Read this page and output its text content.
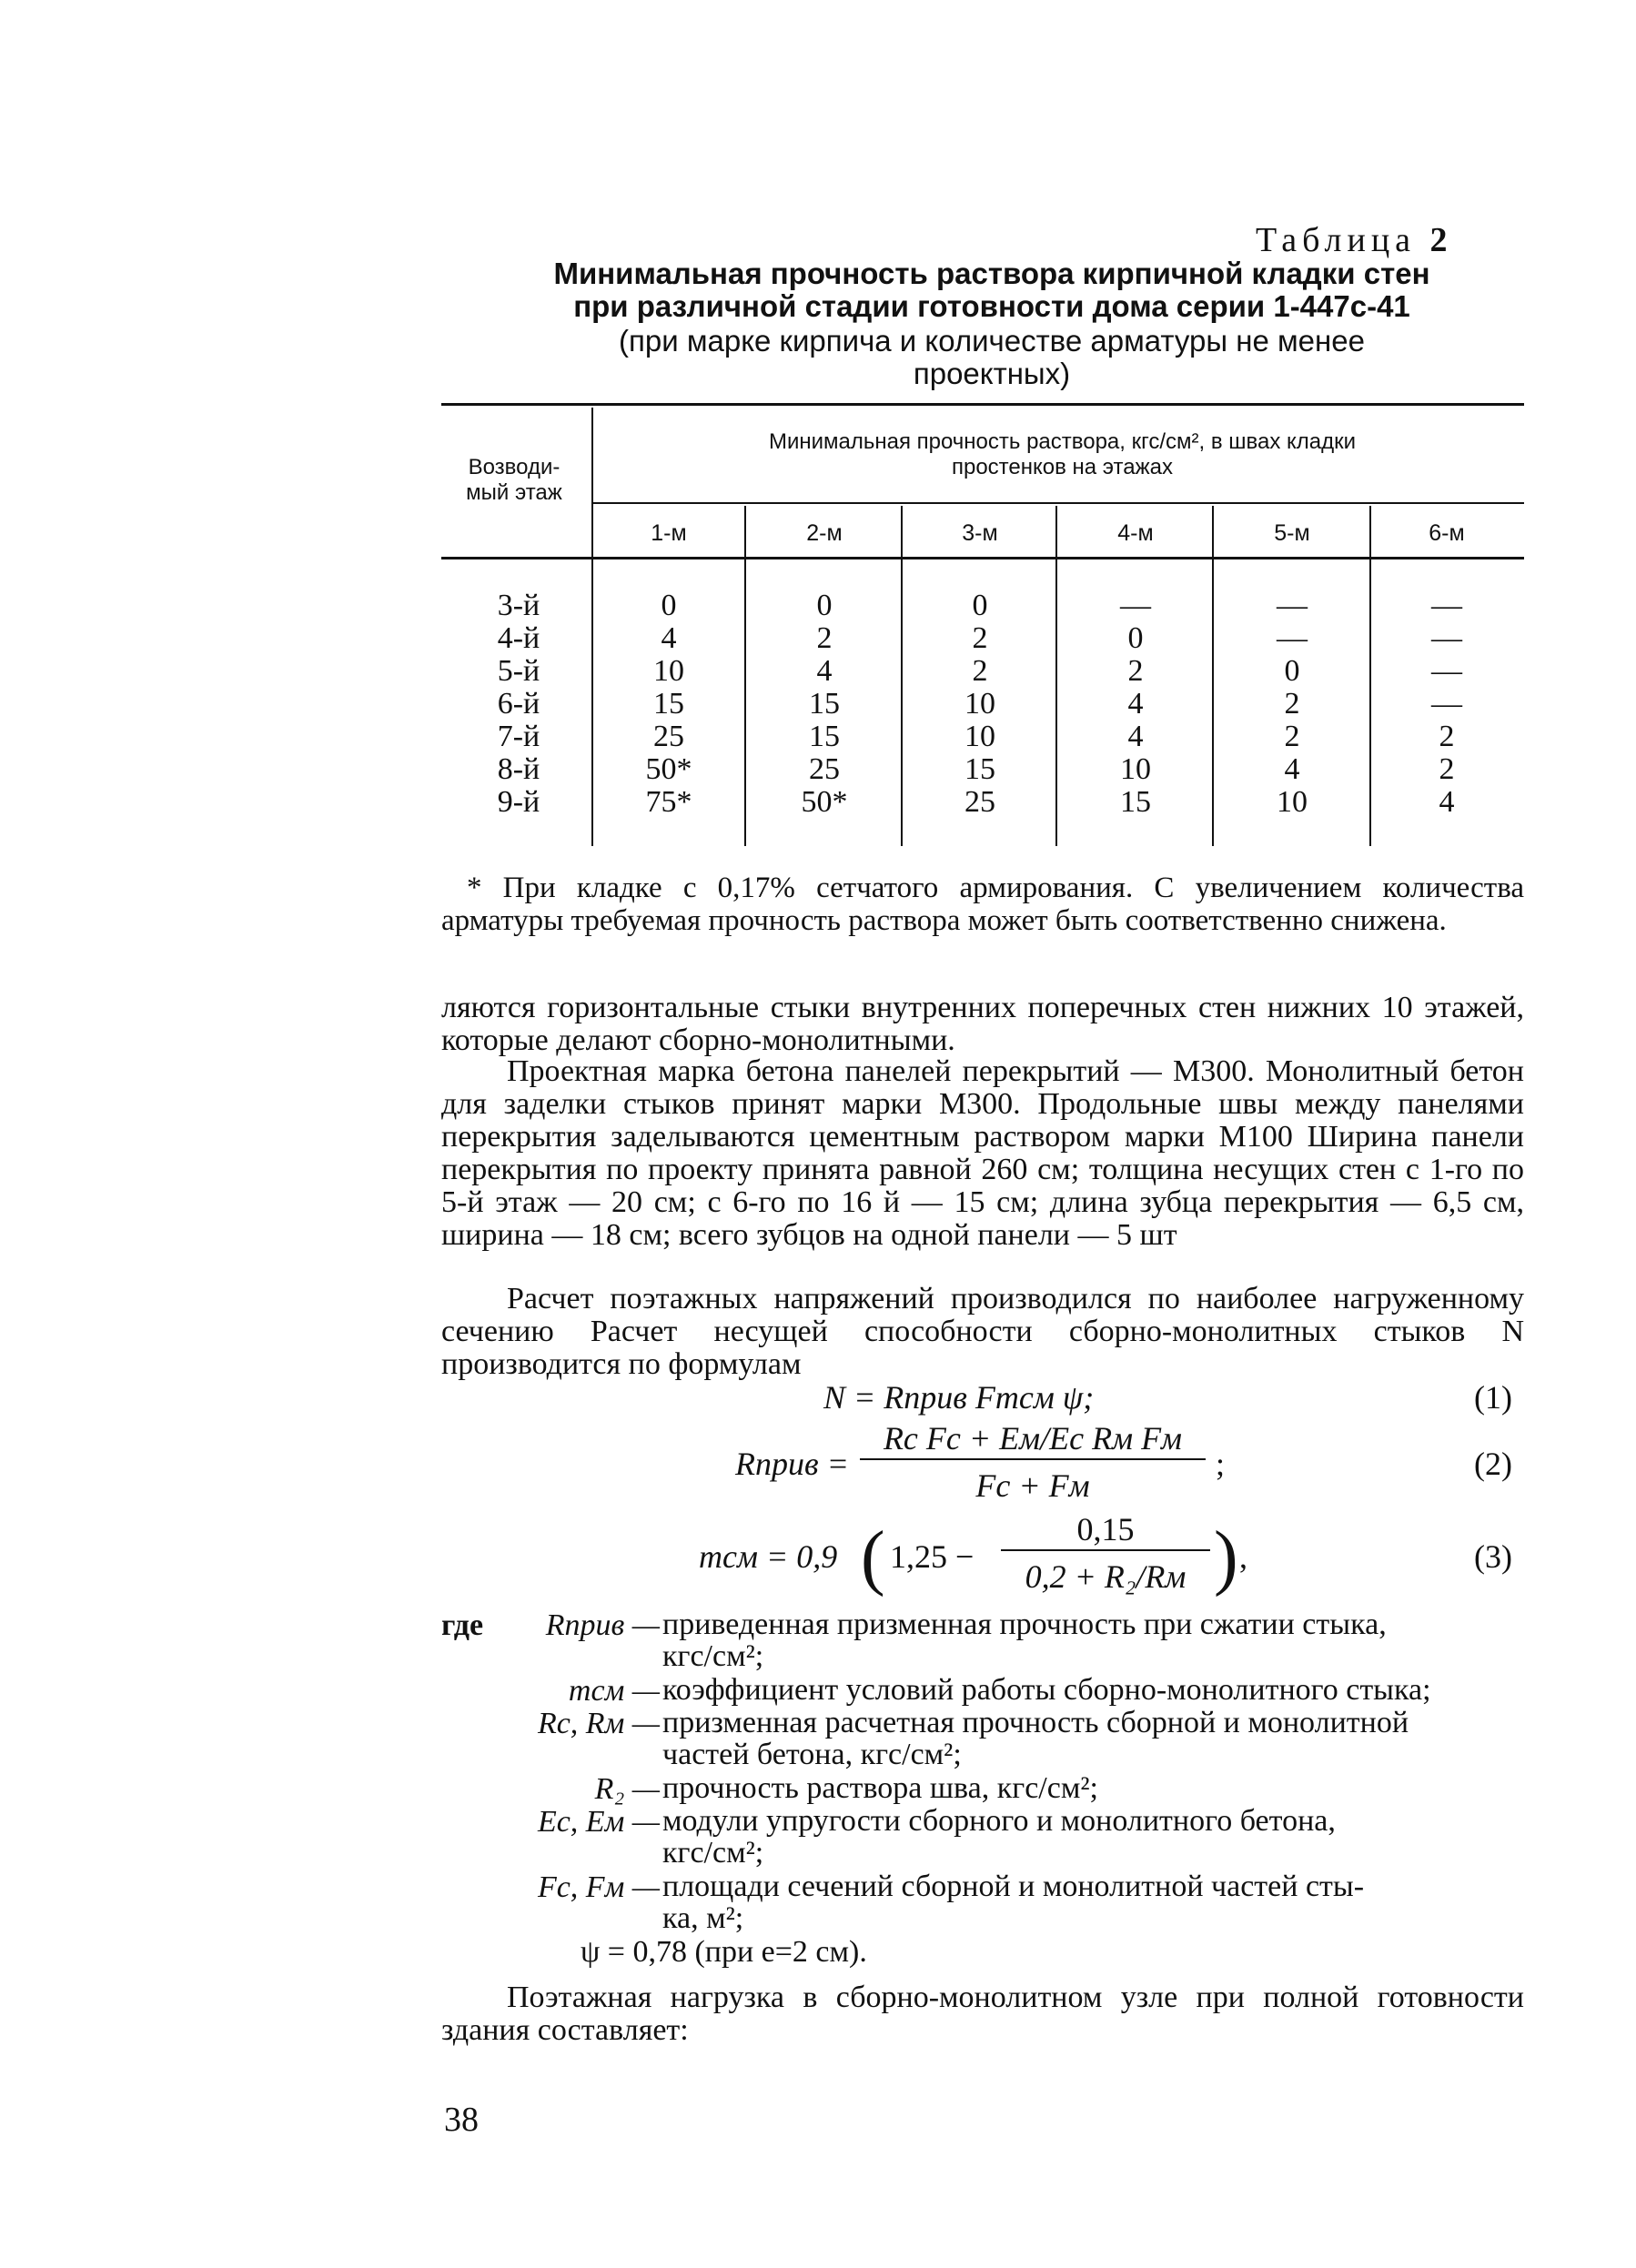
Таблица 2
Минимальная прочность раствора кирпичной кладки стен
при различной стадии готовности дома серии 1-447с-41
(при марке кирпича и количестве арматуры не менее
проектных)
Возводи-
мый этаж
Минимальная прочность раствора, кгс/см², в швах кладки
простенков на этажах
1-м	2-м	3-м	4-м	5-м	6-м
3-й	0	0	0	—	—	—
4-й	4	2	2	0	—	—
5-й	10	4	2	2	0	—
6-й	15	15	10	4	2	—
7-й	25	15	10	4	2	2
8-й	50*	25	15	10	4	2
9-й	75*	50*	25	15	10	4
* При кладке с 0,17% сетчатого армирования. С увеличением количества арматуры требуемая прочность раствора может быть соответственно снижена.
ляются горизонтальные стыки внутренних поперечных стен нижних 10 этажей, которые делают сборно-монолитными.
Проектная марка бетона панелей перекрытий — М300. Монолитный бетон для заделки стыков принят марки М300. Продольные швы между панелями перекрытия заделываются цементным раствором марки М100 Ширина панели перекрытия по проекту принята равной 260 см; толщина несущих стен с 1-го по 5-й этаж — 20 см; с 6-го по 16 й — 15 см; длина зубца перекрытия — 6,5 см, ширина — 18 см; всего зубцов на одной панели — 5 шт
Расчет поэтажных напряжений производился по наиболее нагруженному сечению Расчет несущей способности сборно-монолитных стыков N производится по формулам
N = Rприв Fmсм ψ;	(1)
Rприв =
Rс Fс + Eм/Eс Rм Fм
Fс + Fм
;	(2)
mсм = 0,9 ( 1,25 −
0,15
0,2 + R₂/Rм ) ,	(3)
где	Rприв — приведенная призменная прочность при сжатии стыка,
кгс/см²;
mсм — коэффициент условий работы сборно-монолитного стыка;
Rс, Rм — призменная расчетная прочность сборной и монолитной
частей бетона, кгс/см²;
R₂ — прочность раствора шва, кгс/см²;
Eс, Eм — модули упругости сборного и монолитного бетона,
кгс/см²;
Fс, Fм — площади сечений сборной и монолитной частей сты-
ка, м²;
ψ = 0,78 (при e=2 см).
Поэтажная нагрузка в сборно-монолитном узле при полной готовности здания составляет:
38
